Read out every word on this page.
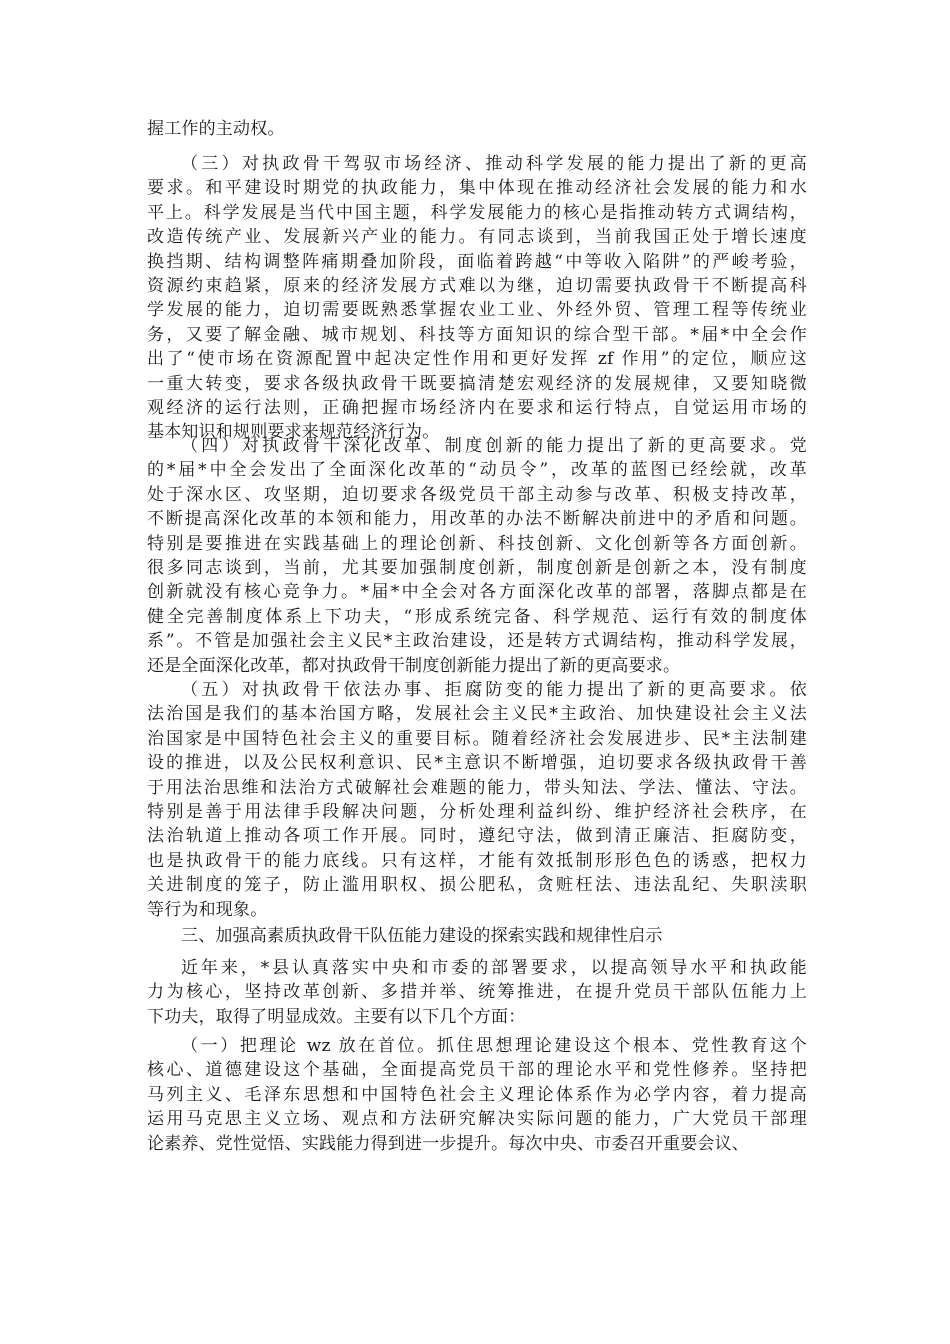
握工作的主动权。
（三）对执政骨干驾驭市场经济、推动科学发展的能力提出了新的更高
要求。和平建设时期党的执政能力，集中体现在推动经济社会发展的能力和水
平上。科学发展是当代中国主题，科学发展能力的核心是指推动转方式调结构，
改造传统产业、发展新兴产业的能力。有同志谈到，当前我国正处于增长速度
换挡期、结构调整阵痛期叠加阶段，面临着跨越“中等收入陷阱”的严峻考验，
资源约束趋紧，原来的经济发展方式难以为继，迫切需要执政骨干不断提高科
学发展的能力，迫切需要既熟悉掌握农业工业、外经外贸、管理工程等传统业
务，又要了解金融、城市规划、科技等方面知识的综合型干部。*届*中全会作
出了“使市场在资源配置中起决定性作用和更好发挥 zf 作用”的定位，顺应这
一重大转变，要求各级执政骨干既要搞清楚宏观经济的发展规律，又要知晓微
观经济的运行法则，正确把握市场经济内在要求和运行特点，自觉运用市场的
基本知识和规则要求来规范经济行为。
（四）对执政骨干深化改革、制度创新的能力提出了新的更高要求。党
的*届*中全会发出了全面深化改革的“动员令”，改革的蓝图已经绘就，改革
处于深水区、攻坚期，迫切要求各级党员干部主动参与改革、积极支持改革，
不断提高深化改革的本领和能力，用改革的办法不断解决前进中的矛盾和问题。
特别是要推进在实践基础上的理论创新、科技创新、文化创新等各方面创新。
很多同志谈到，当前，尤其要加强制度创新，制度创新是创新之本，没有制度
创新就没有核心竞争力。*届*中全会对各方面深化改革的部署，落脚点都是在
健全完善制度体系上下功夫，“形成系统完备、科学规范、运行有效的制度体
系”。不管是加强社会主义民*主政治建设，还是转方式调结构，推动科学发展，
还是全面深化改革，都对执政骨干制度创新能力提出了新的更高要求。
（五）对执政骨干依法办事、拒腐防变的能力提出了新的更高要求。依
法治国是我们的基本治国方略，发展社会主义民*主政治、加快建设社会主义法
治国家是中国特色社会主义的重要目标。随着经济社会发展进步、民*主法制建
设的推进，以及公民权利意识、民*主意识不断增强，迫切要求各级执政骨干善
于用法治思维和法治方式破解社会难题的能力，带头知法、学法、懂法、守法。
特别是善于用法律手段解决问题，分析处理利益纠纷、维护经济社会秩序，在
法治轨道上推动各项工作开展。同时，遵纪守法，做到清正廉洁、拒腐防变，
也是执政骨干的能力底线。只有这样，才能有效抵制形形色色的诱惑，把权力
关进制度的笼子，防止滥用职权、损公肥私，贪赃枉法、违法乱纪、失职渎职
等行为和现象。
三、加强高素质执政骨干队伍能力建设的探索实践和规律性启示
近年来，*县认真落实中央和市委的部署要求，以提高领导水平和执政能
力为核心，坚持改革创新、多措并举、统筹推进，在提升党员干部队伍能力上
下功夫，取得了明显成效。主要有以下几个方面：
（一）把理论 wz 放在首位。抓住思想理论建设这个根本、党性教育这个
核心、道德建设这个基础，全面提高党员干部的理论水平和党性修养。坚持把
马列主义、毛泽东思想和中国特色社会主义理论体系作为必学内容，着力提高
运用马克思主义立场、观点和方法研究解决实际问题的能力，广大党员干部理
论素养、党性觉悟、实践能力得到进一步提升。每次中央、市委召开重要会议、
